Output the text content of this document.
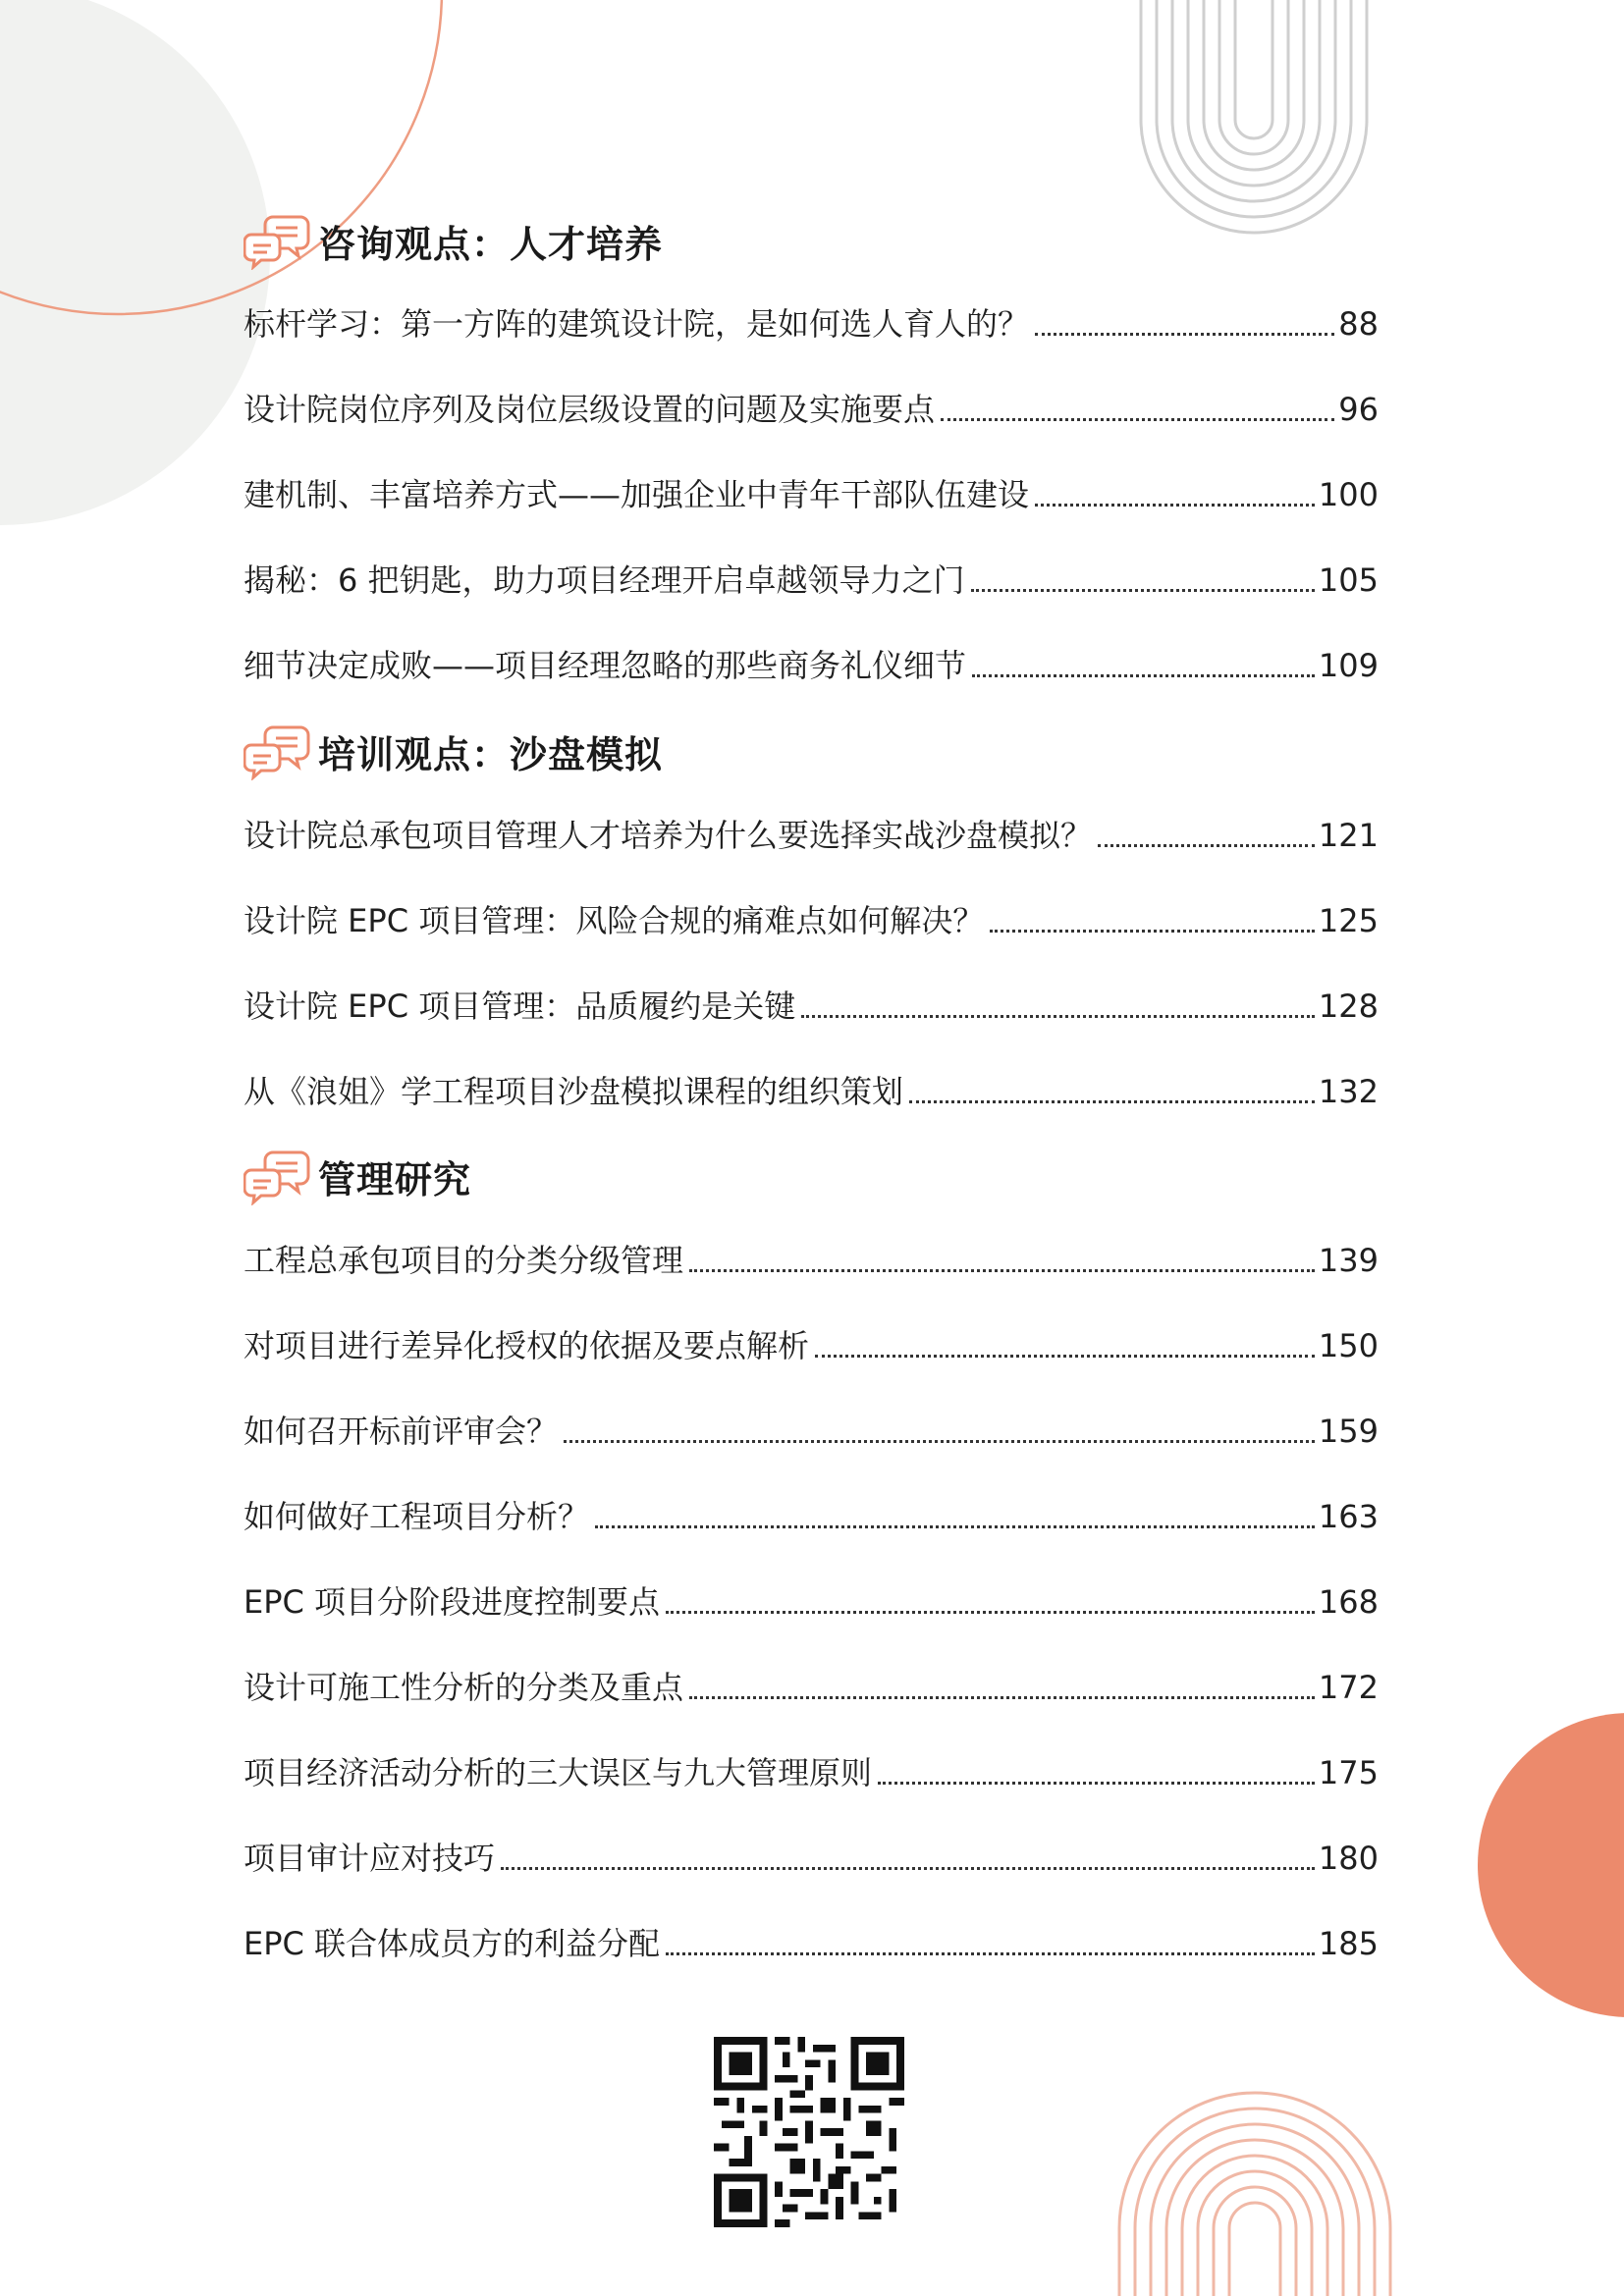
咨询观点：人才培养
标杆学习：第一方阵的建筑设计院，是如何选人育人的？	88
设计院岗位序列及岗位层级设置的问题及实施要点	96
建机制、丰富培养方式——加强企业中青年干部队伍建设	100
揭秘：6 把钥匙，助力项目经理开启卓越领导力之门	105
细节决定成败——项目经理忽略的那些商务礼仪细节	109
培训观点：沙盘模拟
设计院总承包项目管理人才培养为什么要选择实战沙盘模拟？	121
设计院 EPC 项目管理：风险合规的痛难点如何解决？	125
设计院 EPC 项目管理：品质履约是关键	128
从《浪姐》学工程项目沙盘模拟课程的组织策划	132
管理研究
工程总承包项目的分类分级管理	139
对项目进行差异化授权的依据及要点解析	150
如何召开标前评审会？	159
如何做好工程项目分析？	163
EPC 项目分阶段进度控制要点	168
设计可施工性分析的分类及重点	172
项目经济活动分析的三大误区与九大管理原则	175
项目审计应对技巧	180
EPC 联合体成员方的利益分配	185
